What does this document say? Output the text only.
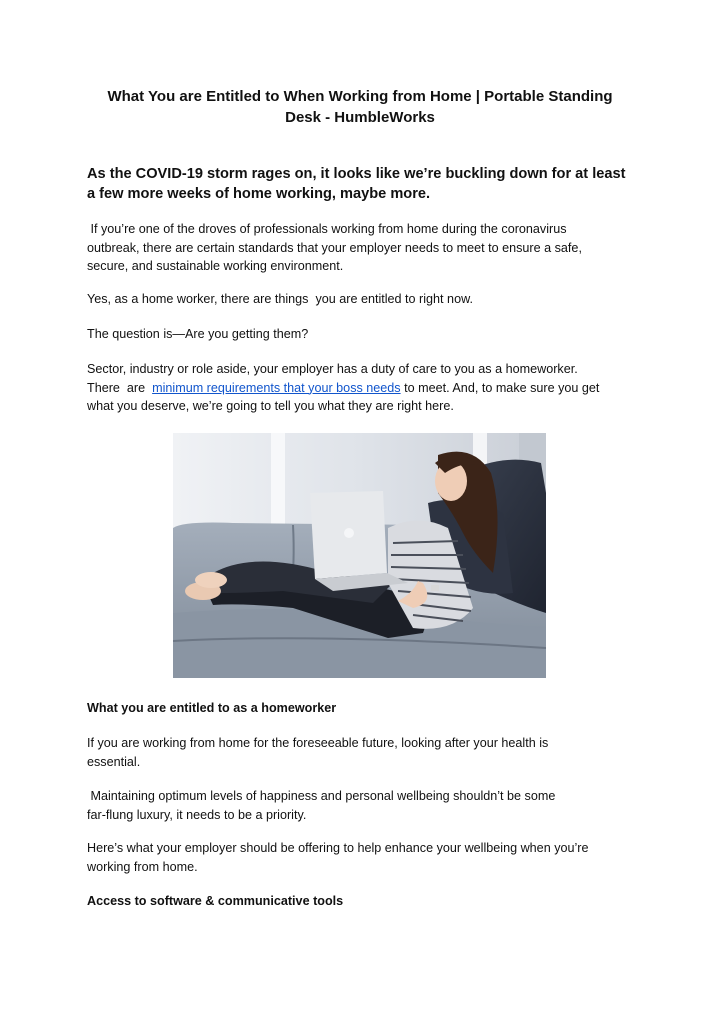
What You are Entitled to When Working from Home | Portable Standing
Desk - HumbleWorks
As the COVID-19 storm rages on, it looks like we’re buckling down for at least
a few more weeks of home working, maybe more.
If you’re one of the droves of professionals working from home during the coronavirus
outbreak, there are certain standards that your employer needs to meet to ensure a safe,
secure, and sustainable working environment.
Yes, as a home worker, there are things  you are entitled to right now.
The question is—Are you getting them?
Sector, industry or role aside, your employer has a duty of care to you as a homeworker.
There  are  minimum requirements that your boss needs to meet. And, to make sure you get
what you deserve, we’re going to tell you what they are right here.
What you are entitled to as a homeworker
If you are working from home for the foreseeable future, looking after your health is
essential.
Maintaining optimum levels of happiness and personal wellbeing shouldn’t be some
far-flung luxury, it needs to be a priority.
Here’s what your employer should be offering to help enhance your wellbeing when you’re
working from home.
Access to software & communicative tools
